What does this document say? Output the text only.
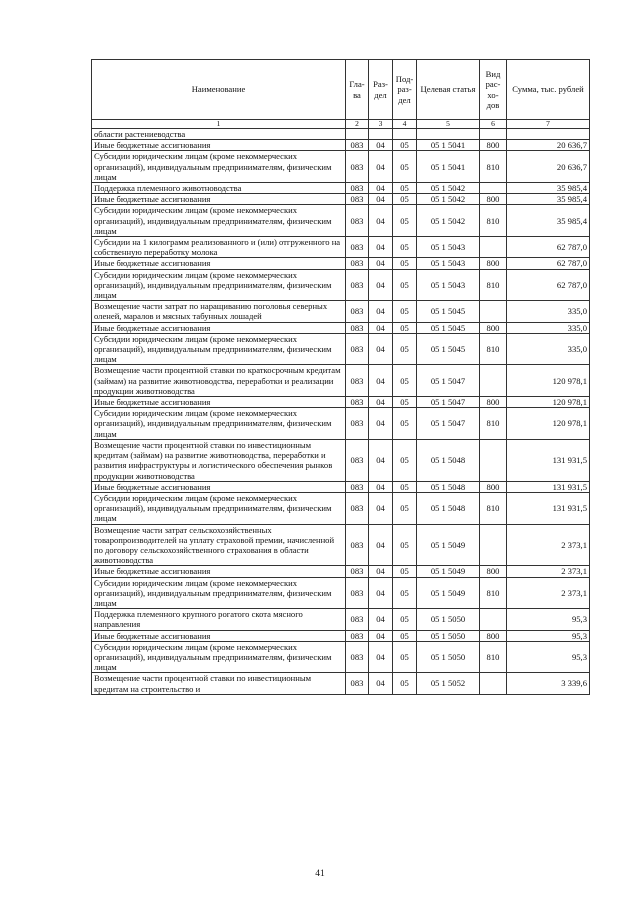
Наименование	Гла-ва	Раз-дел	Под-раз-дел	Целевая статья	Вид рас-хо-дов	Сумма, тыс. рублей
1	2	3	4	5	6	7
области растениеводства						
Иные бюджетные ассигнования	083	04	05	05 1 5041	800	20 636,7
Субсидии юридическим лицам (кроме некоммерческих организаций), индивидуальным предпринимателям, физическим лицам	083	04	05	05 1 5041	810	20 636,7
Поддержка племенного животноводства	083	04	05	05 1 5042		35 985,4
Иные бюджетные ассигнования	083	04	05	05 1 5042	800	35 985,4
Субсидии юридическим лицам (кроме некоммерческих организаций), индивидуальным предпринимателям, физическим лицам	083	04	05	05 1 5042	810	35 985,4
Субсидии на 1 килограмм реализованного и (или) отгруженного на собственную переработку молока	083	04	05	05 1 5043		62 787,0
Иные бюджетные ассигнования	083	04	05	05 1 5043	800	62 787,0
Субсидии юридическим лицам (кроме некоммерческих организаций), индивидуальным предпринимателям, физическим лицам	083	04	05	05 1 5043	810	62 787,0
Возмещение части затрат по наращиванию поголовья северных оленей, маралов и мясных табунных лошадей	083	04	05	05 1 5045		335,0
Иные бюджетные ассигнования	083	04	05	05 1 5045	800	335,0
Субсидии юридическим лицам (кроме некоммерческих организаций), индивидуальным предпринимателям, физическим лицам	083	04	05	05 1 5045	810	335,0
Возмещение части процентной ставки по краткосрочным кредитам (займам) на развитие животноводства, переработки и реализации продукции животноводства	083	04	05	05 1 5047		120 978,1
Иные бюджетные ассигнования	083	04	05	05 1 5047	800	120 978,1
Субсидии юридическим лицам (кроме некоммерческих организаций), индивидуальным предпринимателям, физическим лицам	083	04	05	05 1 5047	810	120 978,1
Возмещение части процентной ставки по инвестиционным кредитам (займам) на развитие животноводства, переработки и развития инфраструктуры и логистического обеспечения рынков продукции животноводства	083	04	05	05 1 5048		131 931,5
Иные бюджетные ассигнования	083	04	05	05 1 5048	800	131 931,5
Субсидии юридическим лицам (кроме некоммерческих организаций), индивидуальным предпринимателям, физическим лицам	083	04	05	05 1 5048	810	131 931,5
Возмещение части затрат сельскохозяйственных товаропроизводителей на уплату страховой премии, начисленной по договору сельскохозяйственного страхования в области животноводства	083	04	05	05 1 5049		2 373,1
Иные бюджетные ассигнования	083	04	05	05 1 5049	800	2 373,1
Субсидии юридическим лицам (кроме некоммерческих организаций), индивидуальным предпринимателям, физическим лицам	083	04	05	05 1 5049	810	2 373,1
Поддержка племенного крупного рогатого скота мясного направления	083	04	05	05 1 5050		95,3
Иные бюджетные ассигнования	083	04	05	05 1 5050	800	95,3
Субсидии юридическим лицам (кроме некоммерческих организаций), индивидуальным предпринимателям, физическим лицам	083	04	05	05 1 5050	810	95,3
Возмещение части процентной ставки по инвестиционным кредитам на строительство и	083	04	05	05 1 5052		3 339,6
41
